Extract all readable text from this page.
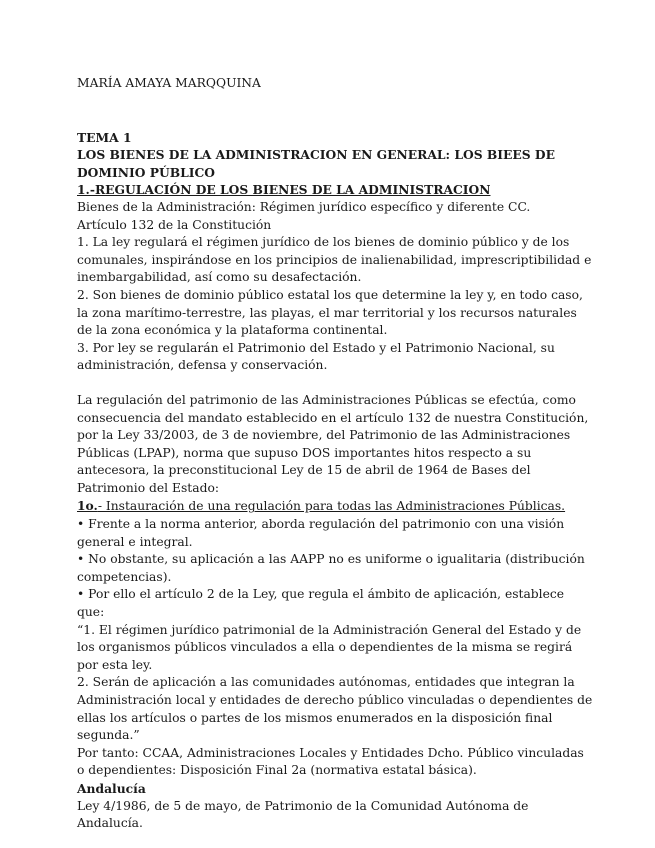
MARÍA AMAYA MARQQUINA

TEMA 1

LOS BIENES DE LA ADMINISTRACION EN GENERAL: LOS BIEES DE DOMINIO PÚBLICO

1.-REGULACIÓN DE LOS BIENES DE LA ADMINISTRACION

Bienes de la Administración: Régimen jurídico específico y diferente CC.

Artículo 132 de la Constitución

1. La ley regulará el régimen jurídico de los bienes de dominio público y de los comunales, inspirándose en los principios de inalienabilidad, imprescriptibilidad e inembargabilidad, así como su desafectación.

2. Son bienes de dominio público estatal los que determine la ley y, en todo caso, la zona marítimo-terrestre, las playas, el mar territorial y los recursos naturales de la zona económica y la plataforma continental.

3. Por ley se regularán el Patrimonio del Estado y el Patrimonio Nacional, su administración, defensa y conservación.

La regulación del patrimonio de las Administraciones Públicas se efectúa, como consecuencia del mandato establecido en el artículo 132 de nuestra Constitución, por la Ley 33/2003, de 3 de noviembre, del Patrimonio de las Administraciones Públicas (LPAP), norma que supuso DOS importantes hitos respecto a su antecesora, la preconstitucional Ley de 15 de abril de 1964 de Bases del Patrimonio del Estado:

1o.- Instauración de una regulación para todas las Administraciones Públicas.

• Frente a la norma anterior, aborda regulación del patrimonio con una visión general e integral.

• No obstante, su aplicación a las AAPP no es uniforme o igualitaria (distribución competencias).

• Por ello el artículo 2 de la Ley, que regula el ámbito de aplicación, establece que:

“1. El régimen jurídico patrimonial de la Administración General del Estado y de los organismos públicos vinculados a ella o dependientes de la misma se regirá por esta ley.

2. Serán de aplicación a las comunidades autónomas, entidades que integran la Administración local y entidades de derecho público vinculadas o dependientes de ellas los artículos o partes de los mismos enumerados en la disposición final segunda.”

Por tanto: CCAA, Administraciones Locales y Entidades Dcho. Público vinculadas o dependientes: Disposición Final 2a (normativa estatal básica).

Andalucía

Ley 4/1986, de 5 de mayo, de Patrimonio de la Comunidad Autónoma de Andalucía.
